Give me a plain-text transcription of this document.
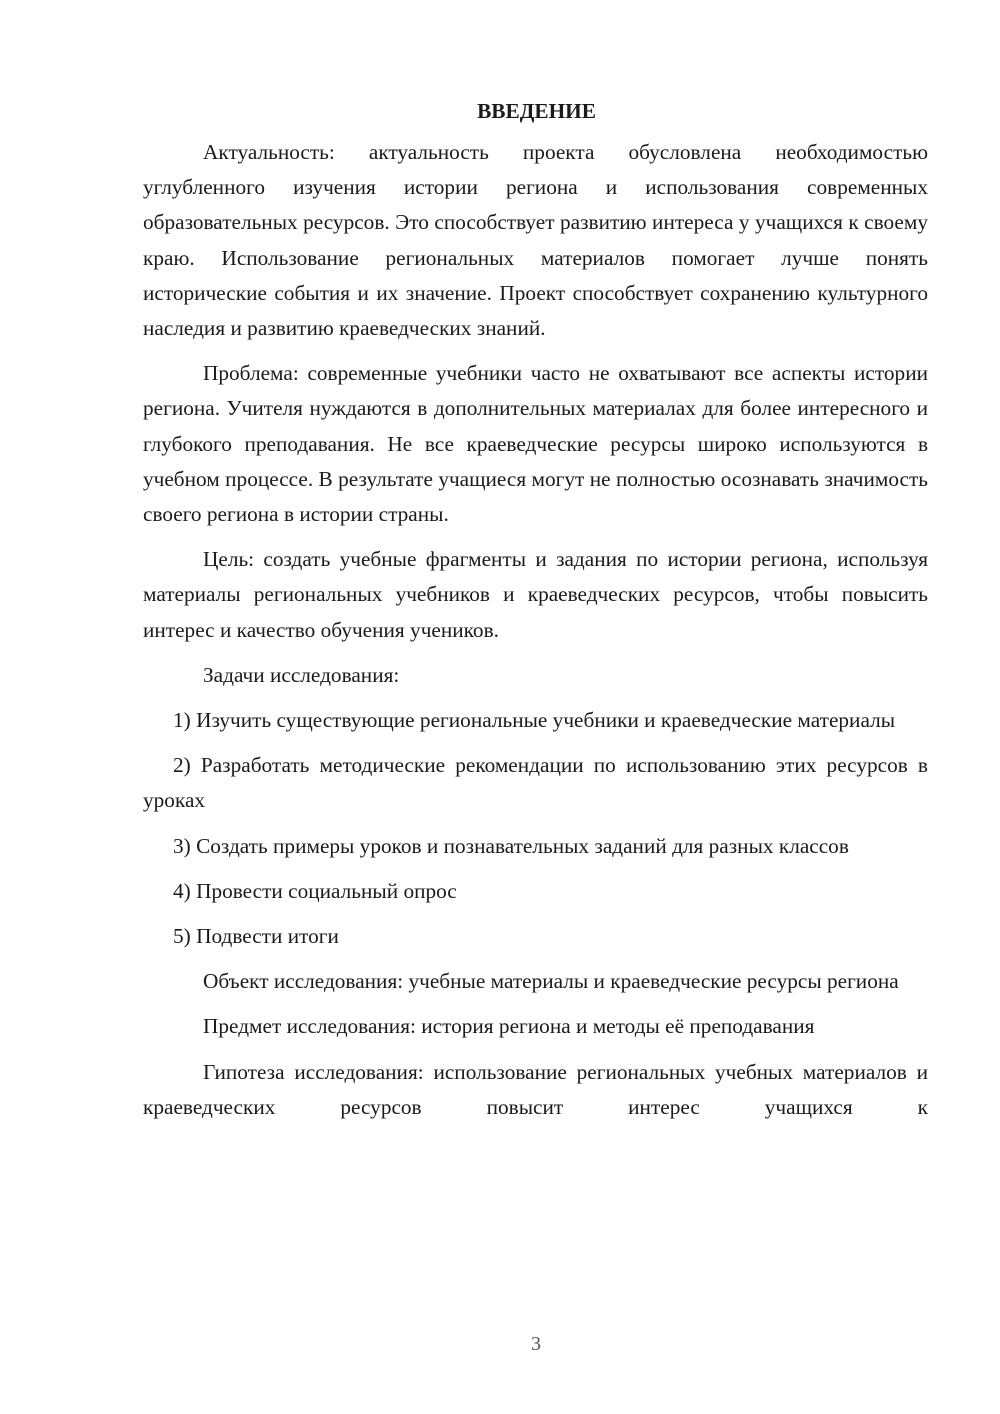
ВВЕДЕНИЕ

Актуальность: актуальность проекта обусловлена необходимостью углубленного изучения истории региона и использования современных образовательных ресурсов. Это способствует развитию интереса у учащихся к своему краю. Использование региональных материалов помогает лучше понять исторические события и их значение. Проект способствует сохранению культурного наследия и развитию краеведческих знаний.

Проблема: современные учебники часто не охватывают все аспекты истории региона. Учителя нуждаются в дополнительных материалах для более интересного и глубокого преподавания. Не все краеведческие ресурсы широко используются в учебном процессе. В результате учащиеся могут не полностью осознавать значимость своего региона в истории страны.

Цель: создать учебные фрагменты и задания по истории региона, используя материалы региональных учебников и краеведческих ресурсов, чтобы повысить интерес и качество обучения учеников.

Задачи исследования:

1) Изучить существующие региональные учебники и краеведческие материалы

2) Разработать методические рекомендации по использованию этих ресурсов в уроках

3) Создать примеры уроков и познавательных заданий для разных классов

4) Провести социальный опрос

5) Подвести итоги

Объект исследования: учебные материалы и краеведческие ресурсы региона

Предмет исследования: история региона и методы её преподавания

Гипотеза исследования: использование региональных учебных материалов и краеведческих ресурсов повысит интерес учащихся к

3
